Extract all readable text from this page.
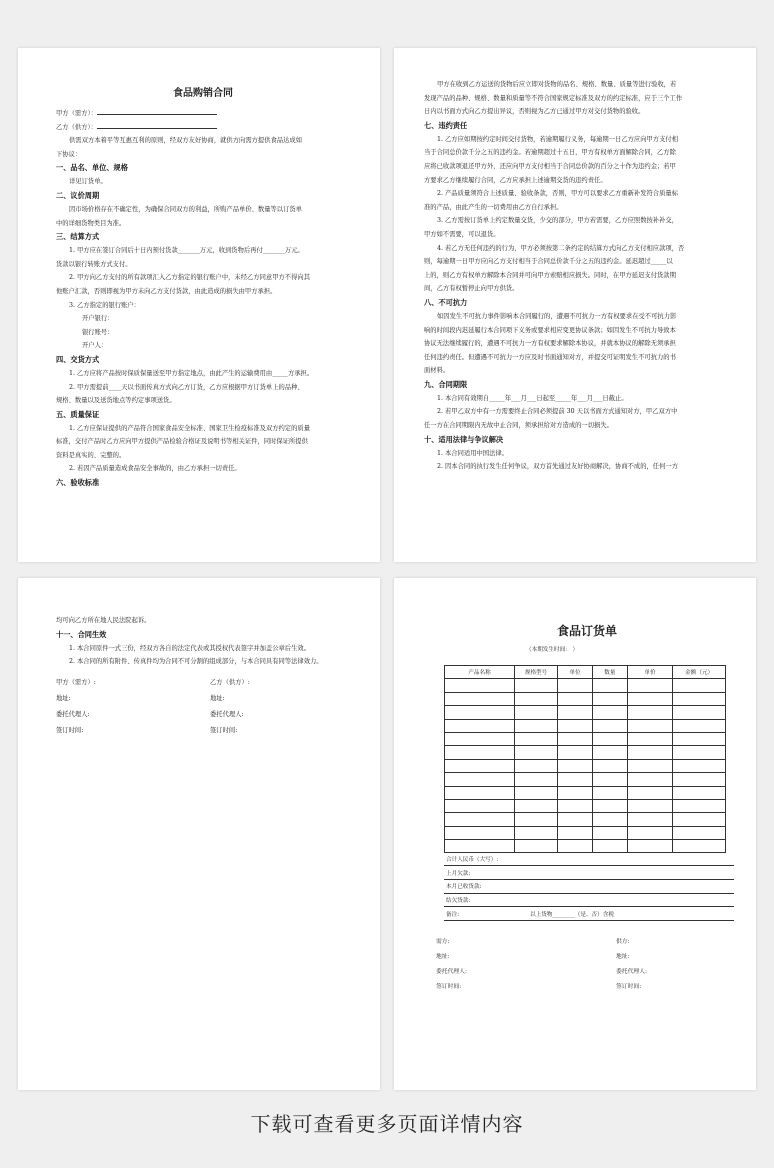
食品购销合同
甲方（需方）：
乙方（供方）：
供需双方本着平等互惠互利的原则，经双方友好协商，就供方向需方提供食品达成如
下协议：
一、品名、单位、规格
详见订货单。
二、议价周期
因市场价格存在不确定性，为确保合同双方的利益，所购产品单价、数量等以订货单
中的详细货物类目为准。
三、结算方式
1. 甲方应在签订合同后十日内预付货款_______万元，收到货物后再付_______万元。
货款以银行转账方式支付。
2. 甲方向乙方支付的所有款项汇入乙方指定的银行账户中，未经乙方同意甲方不得向其
他账户汇款，否则即视为甲方未向乙方支付货款，由此造成的损失由甲方承担。
3. 乙方指定的银行账户：
开户银行：
银行账号：
开户人：
四、交货方式
1. 乙方应将产品按时保质保量送至甲方指定地点，由此产生的运输费用由_____方承担。
2. 甲方需提前____天以书面传真方式向乙方订货，乙方应根据甲方订货单上的品种、
规格、数量以及送货地点等约定事项送货。
五、质量保证
1. 乙方应保证提供的产品符合国家食品安全标准、国家卫生检疫标准及双方约定的质量
标准，交付产品时乙方应向甲方提供产品检验合格证及说明书等相关证件，同时保证所提供
资料是真实的、完整的。
2. 若因产品质量造成食品安全事故的，由乙方承担一切责任。
六、验收标准
甲方在收到乙方运送的货物后应立即对货物的品名、规格、数量、质量等进行验收，若
发现产品的品种、规格、数量和质量等不符合国家规定标准及双方的约定标准，应于三个工作
日内以书面方式向乙方提出异议，否则视为乙方已通过甲方对交付货物的验收。
七、违约责任
1. 乙方应如期按约定时间交付货物，若逾期履行义务，每逾期一日乙方应向甲方支付相
当于合同总价款千分之五的违约金。若逾期超过十五日，甲方有权单方面解除合同，乙方除
应将已收款项退还甲方外，还应向甲方支付相当于合同总价款的百分之十作为违约金；若甲
方要求乙方继续履行合同，乙方应承担上述逾期交货的违约责任。
2. 产品质量须符合上述质量、验收条款，否则，甲方可以要求乙方重新补发符合质量标
准的产品，由此产生的一切费用由乙方自行承担。
3. 乙方需按订货单上约定数量交货，少交的部分，甲方若需要，乙方应照数按补补交，
甲方如不需要，可以退货。
4. 若乙方无任何违约的行为，甲方必须按第二条约定的结算方式向乙方支付相应款项，否
则，每逾期一日甲方应向乙方支付相当于合同总价款千分之五的违约金。延迟超过_____以
上的，则乙方有权单方解除本合同并可向甲方索赔相应损失。同时，在甲方延迟支付货款期
间，乙方有权暂停止向甲方供货。
八、不可抗力
如因发生不可抗力事件影响本合同履行的，遭遇不可抗力一方有权要求在受不可抗力影
响的时间段内迟延履行本合同项下义务或要求相应变更协议条款；如因发生不可抗力导致本
协议无法继续履行的，遭遇不可抗力一方有权要求解除本协议，并就本协议的解除无须承担
任何违约责任。但遭遇不可抗力一方应及时书面通知对方，并提交可证明发生不可抗力的书
面材料。
九、合同期限
1. 本合同有效期自_____年___月___日起至_____年___月___日截止。
2. 若甲乙双方中有一方需要终止合同必须提前 30 天以书面方式通知对方，甲乙双方中
任一方在合同期限内无故中止合同，须承担给对方造成的一切损失。
十、适用法律与争议解决
1. 本合同适用中国法律。
2. 因本合同的执行发生任何争议，双方首先通过友好协商解决，协商不成的，任何一方
均可向乙方所在地人民法院起诉。
十一、合同生效
1. 本合同原件一式三份，经双方各自的法定代表或其授权代表签字并加盖公章后生效。
2. 本合同的所有附件、传真件均为合同不可分割的组成部分，与本合同具有同等法律效力。
甲方（需方）:
地址:
委托代理人:
签订时间:
乙方（供方）:
地址:
委托代理人:
签订时间:
食品订货单
（本期发生时间： ）
产品名称	规格型号	单位	数量	单价	金额（元）

合计人民币（大写）:
上月欠款:
本月已收货款:
结欠货款:
备注:	以上货物________（是、否）含税
需方:
地址:
委托代理人:
签订时间:
供方:
地址:
委托代理人:
签订时间:
下载可查看更多页面详情内容
